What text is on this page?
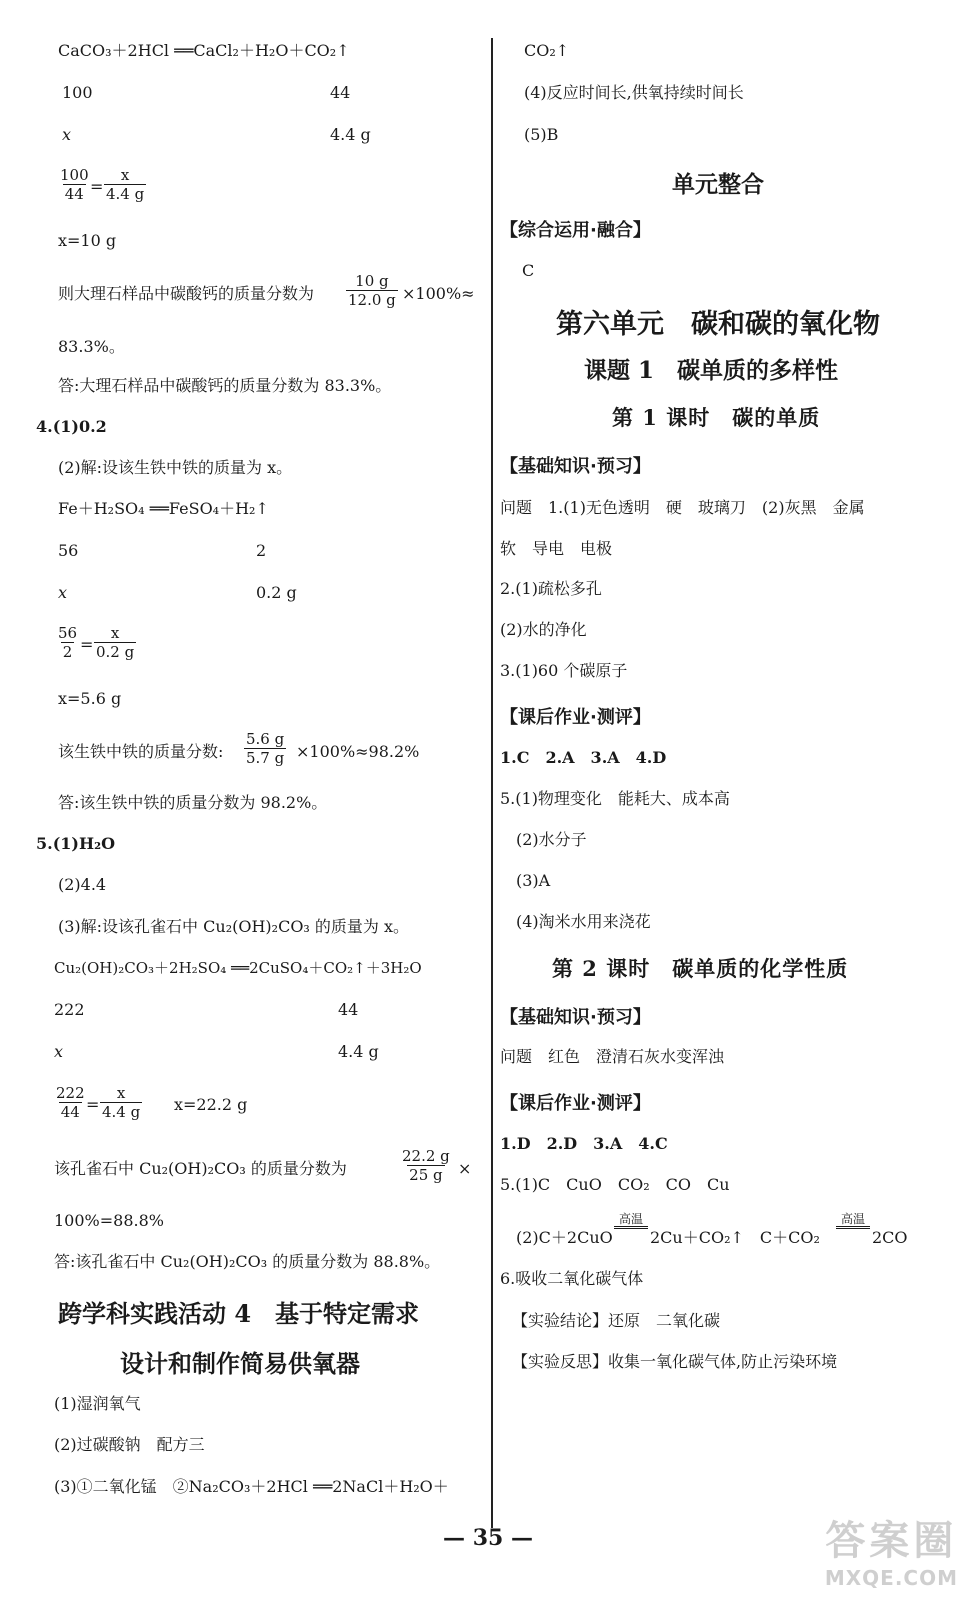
CaCO₃＋2HCl ══CaCl₂＋H₂O＋CO₂↑
100	44
x	4.4 g
$\frac{100}{44} = \frac{x}{4.4 g}$
x=10 g
则大理石样品中碳酸钙的质量分数为 $\frac{10 g}{12.0 g} \times 100\%\approx$
83.3%。
答:大理石样品中碳酸钙的质量分数为 83.3%。
4.(1)0.2
(2)解:设该生铁中铁的质量为 x。
Fe＋H₂SO₄ ══FeSO₄＋H₂↑
56	2
x	0.2 g
$\frac{56}{2} = \frac{x}{0.2 g}$
x=5.6 g
该生铁中铁的质量分数: $\frac{5.6 g}{5.7 g} \times 100\%\approx 98.2\%$
答:该生铁中铁的质量分数为 98.2%。
5.(1)H₂O
(2)4.4
(3)解:设该孔雀石中 Cu₂(OH)₂CO₃ 的质量为 x。
Cu₂(OH)₂CO₃＋2H₂SO₄ ══2CuSO₄＋CO₂↑＋3H₂O
222	44
x	4.4 g
$\frac{222}{44} = \frac{x}{4.4 g} x=22.2$ g
该孔雀石中 Cu₂(OH)₂CO₃ 的质量分数为	$\frac{22.2 g}{25 g}$ ×
100%=88.8%
答:该孔雀石中 Cu₂(OH)₂CO₃ 的质量分数为 88.8%。
跨学科实践活动 4　基于特定需求
设计和制作简易供氧器
(1)湿润氧气
(2)过碳酸钠　配方三
(3)①二氧化锰　②Na₂CO₃＋2HCl ══2NaCl＋H₂O＋
CO₂↑
(4)反应时间长,供氧持续时间长
(5)B
单元整合
【综合运用·融合】
C
第六单元　碳和碳的氧化物
课题 1　碳单质的多样性
第 1 课时　碳的单质
【基础知识·预习】
问题　1.(1)无色透明　硬　玻璃刀　(2)灰黑　金属
软　导电　电极
2.(1)疏松多孔
(2)水的净化
3.(1)60 个碳原子
【课后作业·测评】
1.C　2.A　3.A　4.D
5.(1)物理变化　能耗大、成本高
(2)水分子
(3)A
(4)淘米水用来浇花
第 2 课时　碳单质的化学性质
【基础知识·预习】
问题　红色　澄清石灰水变浑浊
【课后作业·测评】
1.D　2.D　3.A　4.C
5.(1)C　CuO　CO₂　CO　Cu
(2)C＋2CuO
高温
2Cu＋CO₂↑　C＋CO₂
高温
2CO
6.吸收二氧化碳气体
【实验结论】还原　二氧化碳
【实验反思】收集一氧化碳气体,防止污染环境
— 35 —	答案圈
MXQE.COM
